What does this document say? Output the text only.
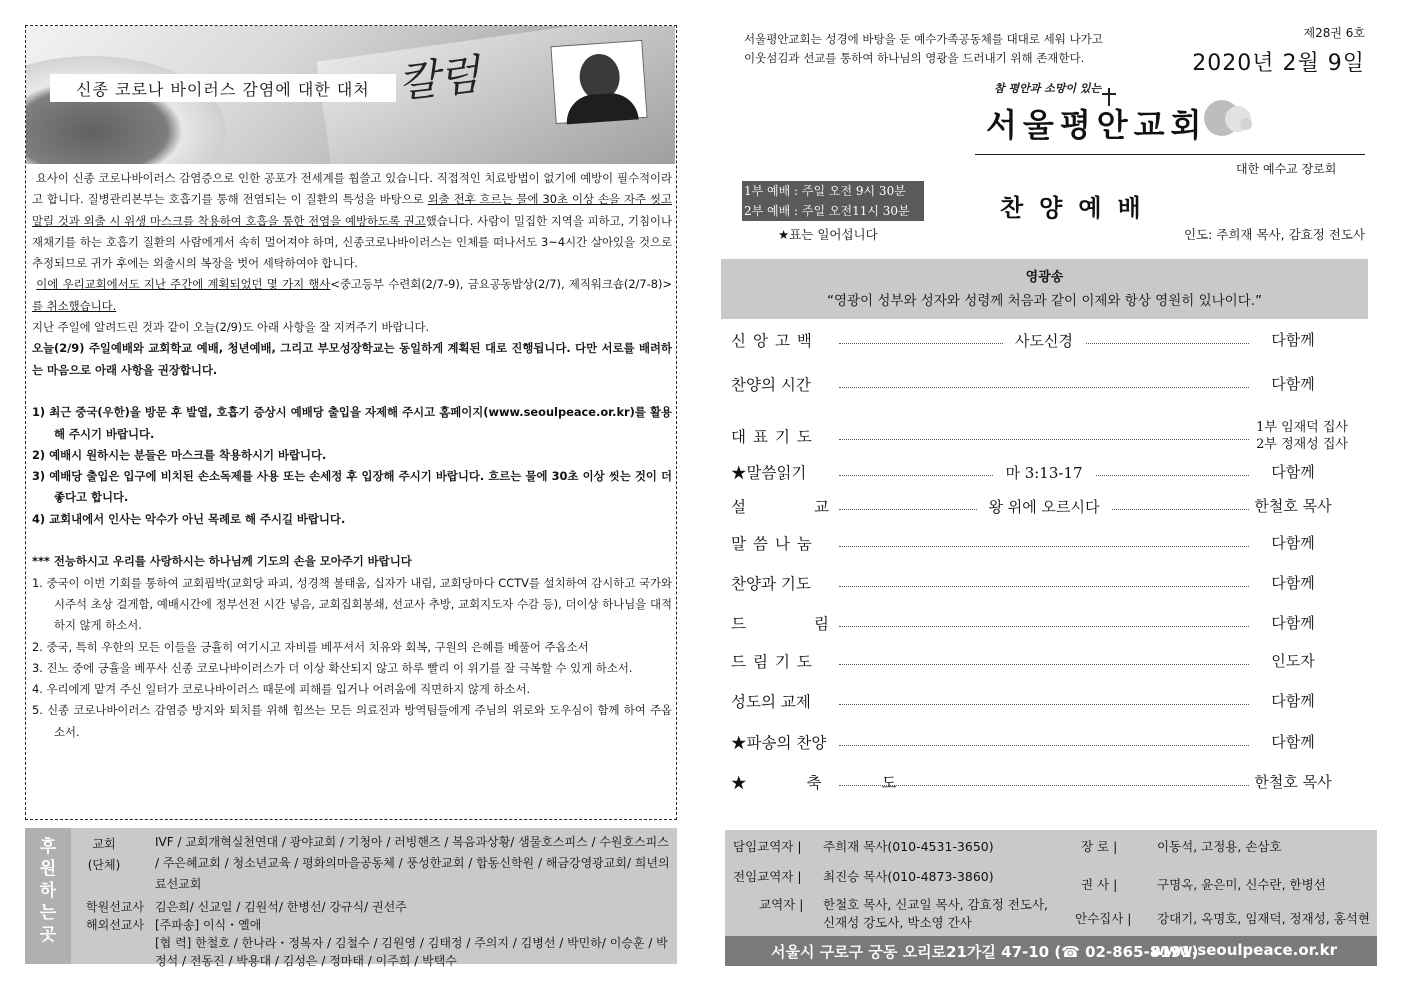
신종 코로나 바이러스 감염에 대한 대처 칼럼

요사이 신종 코로나바이러스 감염증으로 인한 공포가 전세계를 휩쓸고 있습니다. 직접적인 치료방법이 없기에 예방이 필수적이라고 합니다. 질병관리본부는 호흡기를 통해 전염되는 이 질환의 특성을 바탕으로 외출 전후 흐르는 물에 30초 이상 손을 자주 씻고 말릴 것과 외출 시 위생 마스크를 착용하여 호흡을 통한 전염을 예방하도록 권고했습니다. 사람이 밀집한 지역을 피하고, 기침이나 재채기를 하는 호흡기 질환의 사람에게서 속히 멀어져야 하며, 신종코로나바이러스는 인체를 떠나서도 3~4시간 살아있을 것으로 추정되므로 귀가 후에는 외출시의 복장을 벗어 세탁하여야 합니다.

이에 우리교회에서도 지난 주간에 계획되었던 몇 가지 행사<중고등부 수련회(2/7-9), 금요공동밥상(2/7), 제직워크숍(2/7-8)>를 취소했습니다.

지난 주일에 알려드린 것과 같이 오늘(2/9)도 아래 사항을 잘 지켜주기 바랍니다.

오늘(2/9) 주일예배와 교회학교 예배, 청년예배, 그리고 부모성장학교는 동일하게 계획된 대로 진행됩니다. 다만 서로를 배려하는 마음으로 아래 사항을 권장합니다.

1) 최근 중국(우한)을 방문 후 발열, 호흡기 증상시 예배당 출입을 자제해 주시고 홈페이지(www.seoulpeace.or.kr)를 활용해 주시기 바랍니다.
2) 예배시 원하시는 분들은 마스크를 착용하시기 바랍니다.
3) 예배당 출입은 입구에 비치된 손소독제를 사용 또는 손세정 후 입장해 주시기 바랍니다. 흐르는 물에 30초 이상 씻는 것이 더 좋다고 합니다.
4) 교회내에서 인사는 악수가 아닌 목례로 해 주시길 바랍니다.

*** 전능하시고 우리를 사랑하시는 하나님께 기도의 손을 모아주기 바랍니다

1. 중국이 이번 기회를 통하여 교회핍박(교회당 파괴, 성경책 불태움, 십자가 내림, 교회당마다 CCTV를 설치하여 감시하고 국가와 시주석 초상 걸게함, 예배시간에 정부선전 시간 넣음, 교회집회봉쇄, 선교사 추방, 교회지도자 수감 등), 더이상 하나님을 대적하지 않게 하소서.
2. 중국, 특히 우한의 모든 이들을 긍휼히 여기시고 자비를 베푸셔서 치유와 회복, 구원의 은혜를 베풀어 주옵소서
3. 진노 중에 긍휼을 베푸사 신종 코로나바이러스가 더 이상 확산되지 않고 하루 빨리 이 위기를 잘 극복할 수 있게 하소서.
4. 우리에게 맡겨 주신 일터가 코로나바이러스 때문에 피해를 입거나 어려움에 직면하지 않게 하소서.
5. 신종 코로나바이러스 감염증 방지와 퇴치를 위해 힘쓰는 모든 의료진과 방역팀들에게 주님의 위로와 도우심이 함께 하여 주옵소서.
후
원
하
는
곳
교회
(단체)
IVF / 교회개혁실천연대 / 광야교회 / 기청아 / 러빙핸즈 / 복음과상황/ 샘물호스피스 / 수원호스피스 / 주은혜교회 / 청소년교육 / 평화의마을공동체 / 풍성한교회 / 합동신학원 / 해금강영광교회/ 희년의료선교회
학원선교사 김은희/ 신교일 / 김원석/ 한병선/ 강규식/ 권선주
해외선교사 [주파송] 이식・옐애
[협 력] 한철호 / 한나라・정복자 / 김철수 / 김원영 / 김태정 / 주의지 / 김병선 / 박민하/ 이승훈 / 박정석 / 전동진 / 박용대 / 김성은 / 정마태 / 이주희 / 박택수
서울평안교회는 성경에 바탕을 둔 예수가족공동체를 대대로 세워 나가고
이웃섬김과 선교를 통하여 하나님의 영광을 드러내기 위해 존재한다.
제28권 6호
2020년 2월 9일
참 평안과 소망이 있는
서울평안교회
대한 예수교 장로회
1부 예배 : 주일 오전 9시 30분
2부 예배 : 주일 오전11시 30분
★표는 일어섭니다
찬양예배
인도: 주희재 목사, 감효정 전도사
영광송
“영광이 성부와 성자와 성령께 처음과 같이 이제와 항상 영원히 있나이다.”
신앙고백	사도신경	다함께
찬양의 시간	다함께
대표기도
1부 임재덕 집사
2부 정재성 집사
★말씀읽기	마 3:13-17	다함께
설교	왕 위에 오르시다	한철호 목사
말씀나눔	다함께
찬양과 기도	다함께
드림	다함께
드림기도	인도자
성도의 교제	다함께
★파송의 찬양	다함께
★축도	한철호 목사
담임교역자 | 주희재 목사(010-4531-3650)
전임교역자 | 최진승 목사(010-4873-3860)
교역자 | 한철호 목사, 신교일 목사, 감효정 전도사,
신재성 강도사, 박소영 간사
장 로 |	이동석, 고정용, 손삼호
권 사 |	구명옥, 윤은미, 신수란, 한병선
안수집사 | 강대기, 옥명호, 임재덕, 정재성, 홍석현
서울시 구로구 궁동 오리로21가길 47-10 (☎ 02-865-8191)
www.seoulpeace.or.kr
